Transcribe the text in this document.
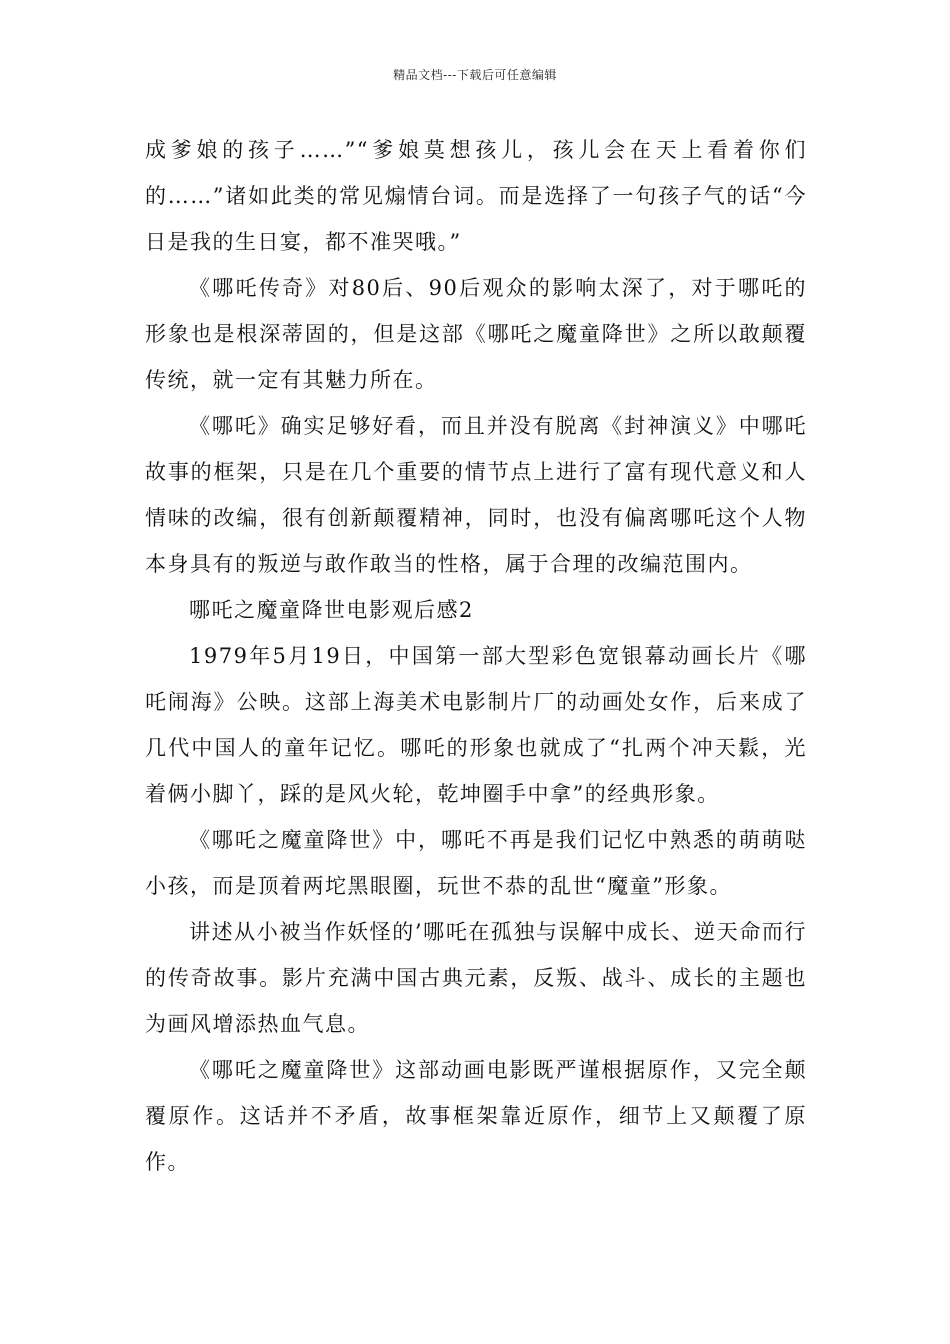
精品文档---下载后可任意编辑

成爹娘的孩子……”“爹娘莫想孩儿，孩儿会在天上看着你们的……”诸如此类的常见煽情台词。而是选择了一句孩子气的话“今日是我的生日宴，都不准哭哦。”

《哪吒传奇》对80后、90后观众的影响太深了，对于哪吒的形象也是根深蒂固的，但是这部《哪吒之魔童降世》之所以敢颠覆传统，就一定有其魅力所在。

《哪吒》确实足够好看，而且并没有脱离《封神演义》中哪吒故事的框架，只是在几个重要的情节点上进行了富有现代意义和人情味的改编，很有创新颠覆精神，同时，也没有偏离哪吒这个人物本身具有的叛逆与敢作敢当的性格，属于合理的改编范围内。

哪吒之魔童降世电影观后感2

1979年5月19日，中国第一部大型彩色宽银幕动画长片《哪吒闹海》公映。这部上海美术电影制片厂的动画处女作，后来成了几代中国人的童年记忆。哪吒的形象也就成了“扎两个冲天鬏，光着俩小脚丫，踩的是风火轮，乾坤圈手中拿”的经典形象。

《哪吒之魔童降世》中，哪吒不再是我们记忆中熟悉的萌萌哒小孩，而是顶着两坨黑眼圈，玩世不恭的乱世“魔童”形象。

讲述从小被当作妖怪的’哪吒在孤独与误解中成长、逆天命而行的传奇故事。影片充满中国古典元素，反叛、战斗、成长的主题也为画风增添热血气息。

《哪吒之魔童降世》这部动画电影既严谨根据原作，又完全颠覆原作。这话并不矛盾，故事框架靠近原作，细节上又颠覆了原作。
